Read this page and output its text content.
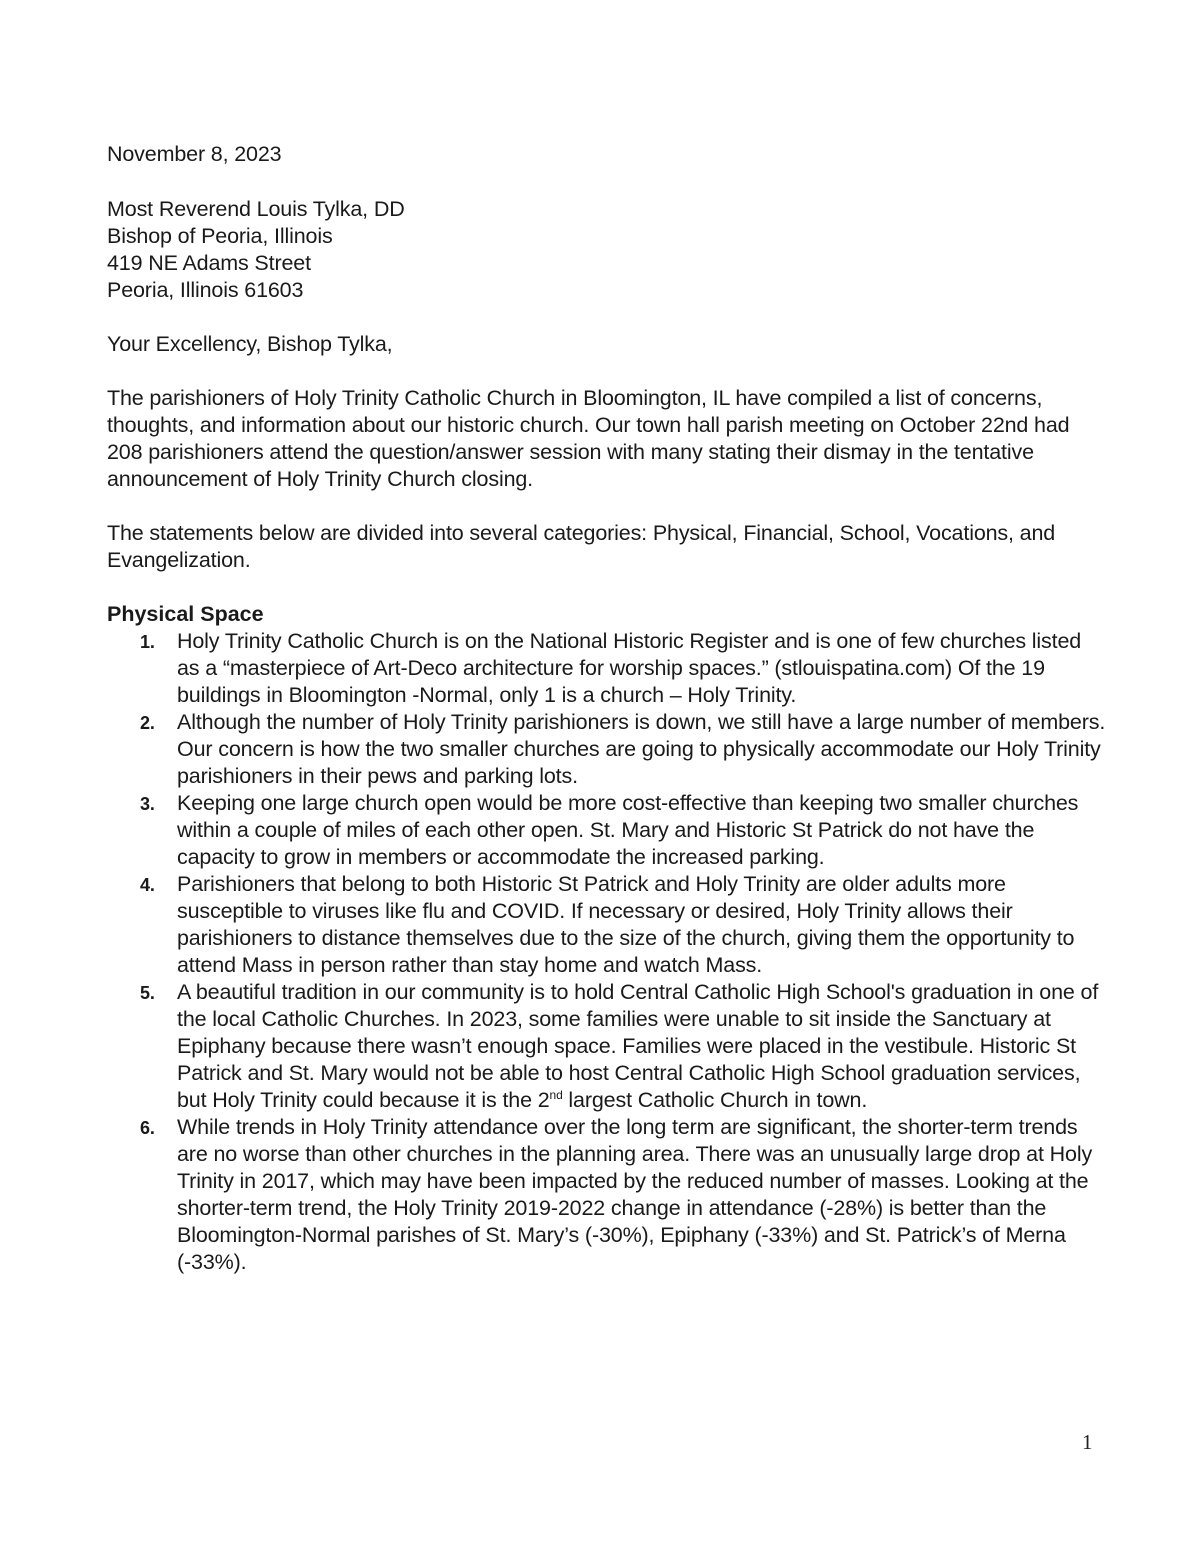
November 8, 2023

Most Reverend Louis Tylka, DD
Bishop of Peoria, Illinois
419 NE Adams Street
Peoria, Illinois 61603

Your Excellency, Bishop Tylka,

The parishioners of Holy Trinity Catholic Church in Bloomington, IL have compiled a list of concerns, thoughts, and information about our historic church. Our town hall parish meeting on October 22nd had 208 parishioners attend the question/answer session with many stating their dismay in the tentative announcement of Holy Trinity Church closing.

The statements below are divided into several categories: Physical, Financial, School, Vocations, and Evangelization.

Physical Space
1. Holy Trinity Catholic Church is on the National Historic Register and is one of few churches listed as a “masterpiece of Art-Deco architecture for worship spaces.” (stlouispatina.com) Of the 19 buildings in Bloomington -Normal, only 1 is a church – Holy Trinity.
2. Although the number of Holy Trinity parishioners is down, we still have a large number of members. Our concern is how the two smaller churches are going to physically accommodate our Holy Trinity parishioners in their pews and parking lots.
3. Keeping one large church open would be more cost-effective than keeping two smaller churches within a couple of miles of each other open. St. Mary and Historic St Patrick do not have the capacity to grow in members or accommodate the increased parking.
4. Parishioners that belong to both Historic St Patrick and Holy Trinity are older adults more susceptible to viruses like flu and COVID. If necessary or desired, Holy Trinity allows their parishioners to distance themselves due to the size of the church, giving them the opportunity to attend Mass in person rather than stay home and watch Mass.
5. A beautiful tradition in our community is to hold Central Catholic High School's graduation in one of the local Catholic Churches. In 2023, some families were unable to sit inside the Sanctuary at Epiphany because there wasn’t enough space. Families were placed in the vestibule. Historic St Patrick and St. Mary would not be able to host Central Catholic High School graduation services, but Holy Trinity could because it is the 2nd largest Catholic Church in town.
6. While trends in Holy Trinity attendance over the long term are significant, the shorter-term trends are no worse than other churches in the planning area. There was an unusually large drop at Holy Trinity in 2017, which may have been impacted by the reduced number of masses. Looking at the shorter-term trend, the Holy Trinity 2019-2022 change in attendance (-28%) is better than the Bloomington-Normal parishes of St. Mary’s (-30%), Epiphany (-33%) and St. Patrick’s of Merna (-33%).
1
